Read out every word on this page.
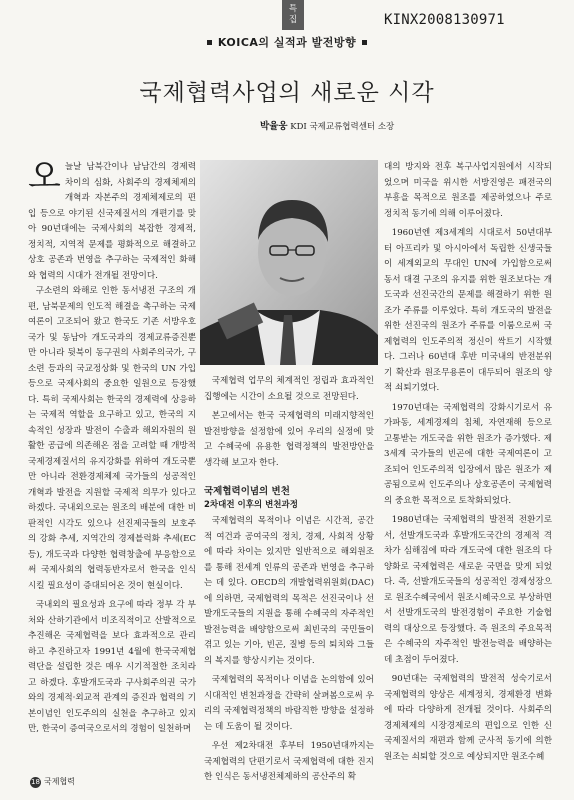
특집
KOICA의 실적과 발전방향
KINX2008130971
국제협력사업의 새로운 시각
박율웅 KDI 국제교류협력센터 소장

오늘날 남북간이나 남남간의 경제력 차이의 심화, 사회주의 경제체제의 개혁과 자본주의 경제체제로의 편입 등으로 야기된 신국제질서의 개편기를 맞아 90년대에는 국제사회의 복잡한 경제적, 정치적, 지역적 문제를 평화적으로 해결하고 상호 공존과 번영을 추구하는 국제적인 화해와 협력의 시대가 전개될 전망이다.

구소련의 와해로 인한 동서냉전 구조의 개편, 남북문제의 인도적 해결을 촉구하는 국제여론이 고조되어 왔고 한국도 기존 서방우호국가 및 동남아 개도국과의 경제교류증진뿐만 아니라 뒷북이 동구권의 사회주의국가, 구소련 등과의 국교정상화 및 한국의 UN 가입 등으로 국제사회의 중요한 일원으로 등장했다. 특히 국제사회는 한국의 경제력에 상응하는 국제적 역할을 요구하고 있고, 한국의 지속적인 성장과 발전이 수출과 해외자원의 원활한 공급에 의존해온 점을 고려할 때 개방적 국제경제질서의 유지강화를 위하여 개도국뿐만 아니라 전환경제체제 국가들의 성공적인 개혁과 발전을 지원할 국제적 의무가 있다고 하겠다. 국내외으로는 원조의 배분에 대한 비판적인 시각도 있으나 선진제국들의 보호주의 강화 추세, 지역간의 경제블럭화 추세(EC 등), 개도국과 다양한 협력창출에 부응함으로써 국제사회의 협력동반자로서 한국을 인식시킬 필요성이 증대되어온 것이 현실이다.

국내외의 필요성과 요구에 따라 정부 각 부처와 산하기관에서 비조직적이고 산발적으로 추진해온 국제협력을 보다 효과적으로 관리하고 추진하고자 1991년 4월에 한국국제협력단을 설립한 것은 매우 시기적절한 조치라고 하겠다. 후발개도국과 구사회주의권 국가와의 경제적·외교적 관계의 증진과 협력의 기본이념인 인도주의의 실천을 추구하고 있지만, 한국이 증여국으로서의 경험이 일천하며

국제협력 업무의 체계적인 정립과 효과적인 집행에는 시간이 소요될 것으로 전망된다.

본고에서는 한국 국제협력의 미래지향적인 발전방향을 설정함에 있어 우리의 실정에 맞고 수혜국에 유용한 협력정책의 발전방안을 생각해 보고자 한다.

국제협력이념의 변천
2차대전 이후의 변천과정

국제협력의 목적이나 이념은 시간적, 공간적 여건과 공여국의 정치, 경제, 사회적 상황에 따라 차이는 있지만 일반적으로 해외원조를 통해 전세계 인류의 공존과 번영을 추구하는 데 있다. OECD의 개발협력위원회(DAC)에 의하면, 국제협력의 목적은 선진국이나 선발개도국들의 지원을 통해 수혜국의 자주적인 발전능력을 배양함으로써 최빈국의 국민들이 겪고 있는 기아, 빈곤, 질병 등의 퇴치와 그들의 복지를 향상시키는 것이다.

국제협력의 목적이나 이념을 논의함에 있어 시대적인 변천과정을 간략히 살펴봄으로써 우리의 국제협력정책의 바람직한 방향을 설정하는 데 도움이 될 것이다.

우선 제2차대전 후부터 1950년대까지는 국제협력의 단편기로서 국제협력에 대한 진지한 인식은 동서냉전체제하의 공산주의 확

대의 방지와 전후 복구사업지원에서 시작되었으며 미국을 위시한 서방진영은 패전국의 부흥을 목적으로 원조를 제공하였으나 주로 정치적 동기에 의해 이루어졌다.

1960년엔 제3세계의 시대로서 50년대부터 아프리카 및 아시아에서 독립한 신생국들이 세계외교의 무대인 UN에 가입함으로써 동서 대결 구조의 유지를 위한 원조보다는 개도국과 선진국간의 문제를 해결하기 위한 원조가 주류를 이루었다. 특히 개도국의 발전을 위한 선진국의 원조가 주류를 이룸으로써 국제협력의 인도주의적 정신이 싹트기 시작했다. 그러나 60년대 후반 미국내의 반전분위기 확산과 원조무용론이 대두되어 원조의 양적 쇠퇴기였다.

1970년대는 국제협력의 강화시기로서 유가파동, 세계경제의 침체, 자연재해 등으로 고통받는 개도국을 위한 원조가 증가했다. 제3세계 국가들의 빈곤에 대한 국제여론이 고조되어 인도주의적 입장에서 많은 원조가 제공됨으로써 인도주의나 상호공존이 국제협력의 중요한 목적으로 토착화되었다.

1980년대는 국제협력의 발전적 전환기로서, 선발개도국과 후발개도국간의 경제적 격차가 심해짐에 따라 개도국에 대한 원조의 다양화로 국제협력은 새로운 국면을 맞게 되었다. 즉, 선발개도국들의 성공적인 경제성장으로 원조수혜국에서 원조시혜국으로 부상하면서 선발개도국의 발전경험이 주요한 기술협력의 대상으로 등장했다. 즉 원조의 주요목적은 수혜국의 자주적인 발전능력을 배양하는데 초점이 두어졌다.

90년대는 국제협력의 발전적 성숙기로서 국제협력의 양상은 세계정치, 경제환경 변화에 따라 다양하게 전개될 것이다. 사회주의 경제체제의 시장경제로의 편입으로 인한 신국제질서의 재편과 함께 군사적 동기에 의한 원조는 쇠퇴할 것으로 예상되지만 원조수혜

18 국제협력
